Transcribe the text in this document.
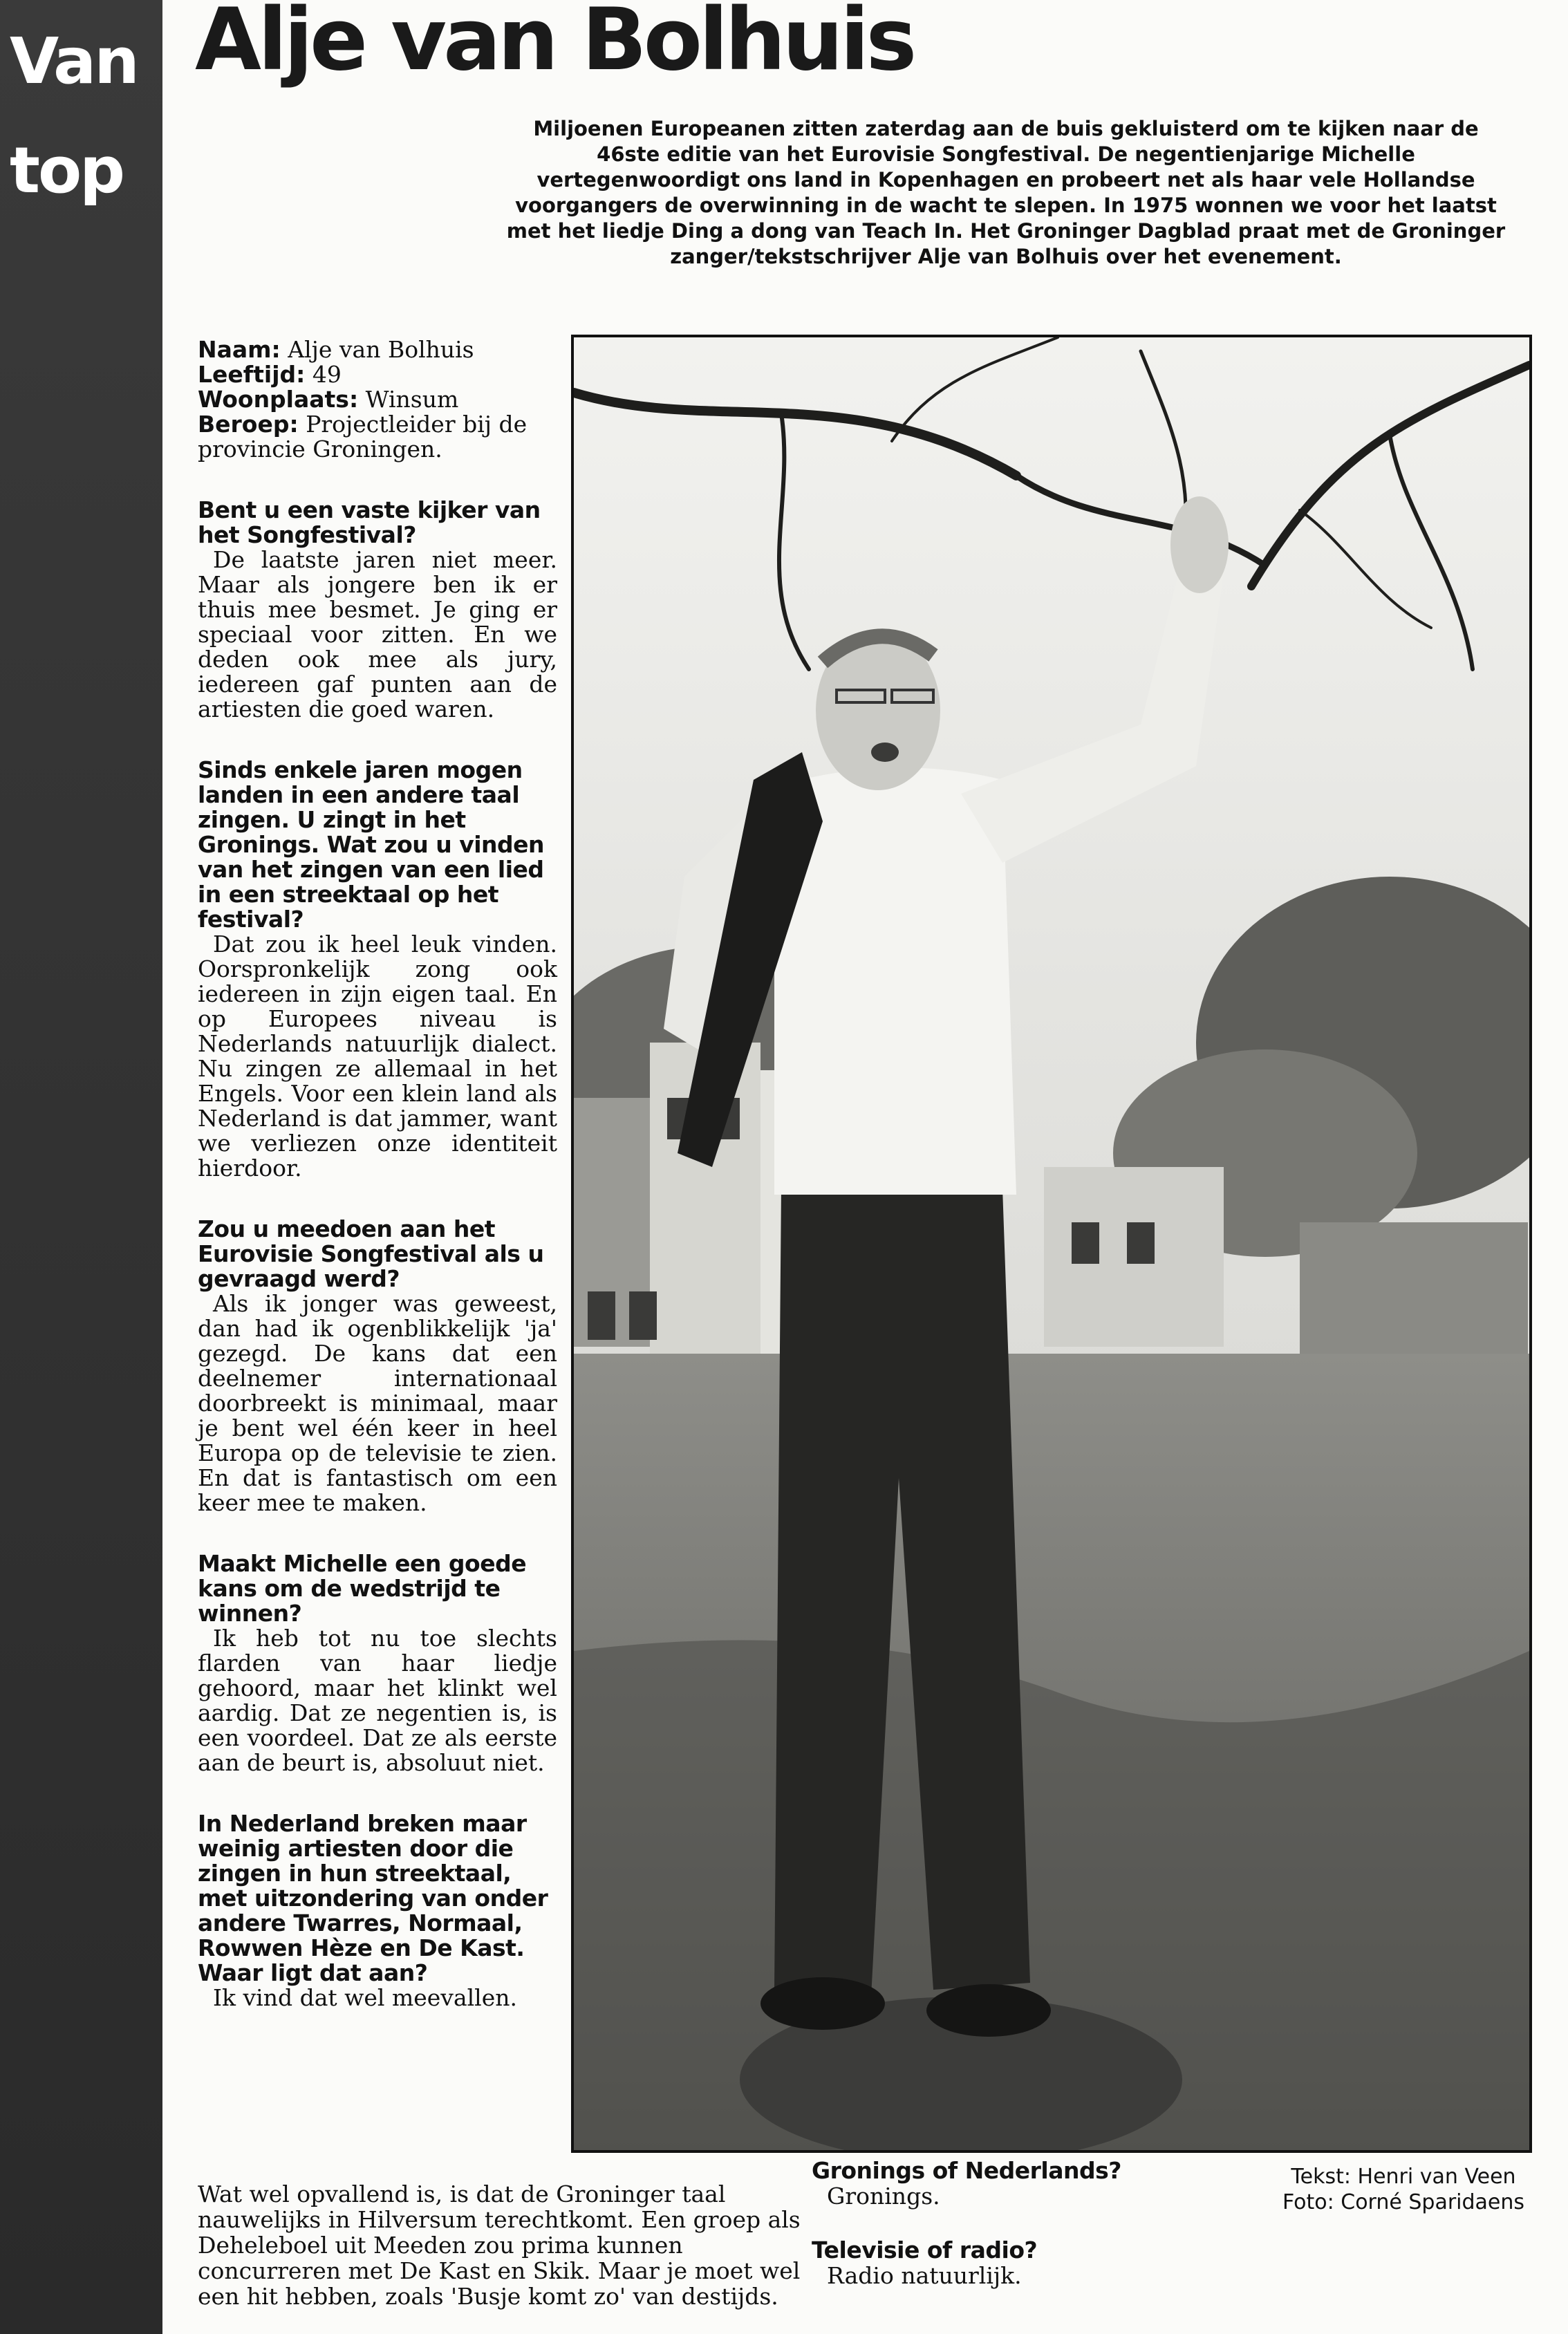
Van
top
Alje van Bolhuis

Miljoenen Europeanen zitten zaterdag aan de buis gekluisterd om te kijken naar de 46ste editie van het Eurovisie Songfestival. De negentienjarige Michelle vertegenwoordigt ons land in Kopenhagen en probeert net als haar vele Hollandse voorgangers de overwinning in de wacht te slepen. In 1975 wonnen we voor het laatst met het liedje Ding a dong van Teach In. Het Groninger Dagblad praat met de Groninger zanger/tekstschrijver Alje van Bolhuis over het evenement.

Naam: Alje van Bolhuis
Leeftijd: 49
Woonplaats: Winsum
Beroep: Projectleider bij de provincie Groningen.

Bent u een vaste kijker van het Songfestival?

De laatste jaren niet meer. Maar als jongere ben ik er thuis mee besmet. Je ging er speciaal voor zitten. En we deden ook mee als jury, iedereen gaf punten aan de artiesten die goed waren.

Sinds enkele jaren mogen landen in een andere taal zingen. U zingt in het Gronings. Wat zou u vinden van het zingen van een lied in een streektaal op het festival?

Dat zou ik heel leuk vinden. Oorspronkelijk zong ook iedereen in zijn eigen taal. En op Europees niveau is Nederlands natuurlijk dialect. Nu zingen ze allemaal in het Engels. Voor een klein land als Nederland is dat jammer, want we verliezen onze identiteit hierdoor.

Zou u meedoen aan het Eurovisie Songfestival als u gevraagd werd?

Als ik jonger was geweest, dan had ik ogenblikkelijk 'ja' gezegd. De kans dat een deelnemer internationaal doorbreekt is minimaal, maar je bent wel één keer in heel Europa op de televisie te zien. En dat is fantastisch om een keer mee te maken.

Maakt Michelle een goede kans om de wedstrijd te winnen?

Ik heb tot nu toe slechts flarden van haar liedje gehoord, maar het klinkt wel aardig. Dat ze negentien is, is een voordeel. Dat ze als eerste aan de beurt is, absoluut niet.

In Nederland breken maar weinig artiesten door die zingen in hun streektaal, met uitzondering van onder andere Twarres, Normaal, Rowwen Hèze en De Kast. Waar ligt dat aan?

Ik vind dat wel meevallen.

Wat wel opvallend is, is dat de Groninger taal nauwelijks in Hilversum terechtkomt. Een groep als Deheleboel uit Meeden zou prima kunnen concurreren met De Kast en Skik. Maar je moet wel een hit hebben, zoals 'Busje komt zo' van destijds.

Gronings of Nederlands?

Gronings.

Televisie of radio?

Radio natuurlijk.

Tekst: Henri van Veen
Foto: Corné Sparidaens
